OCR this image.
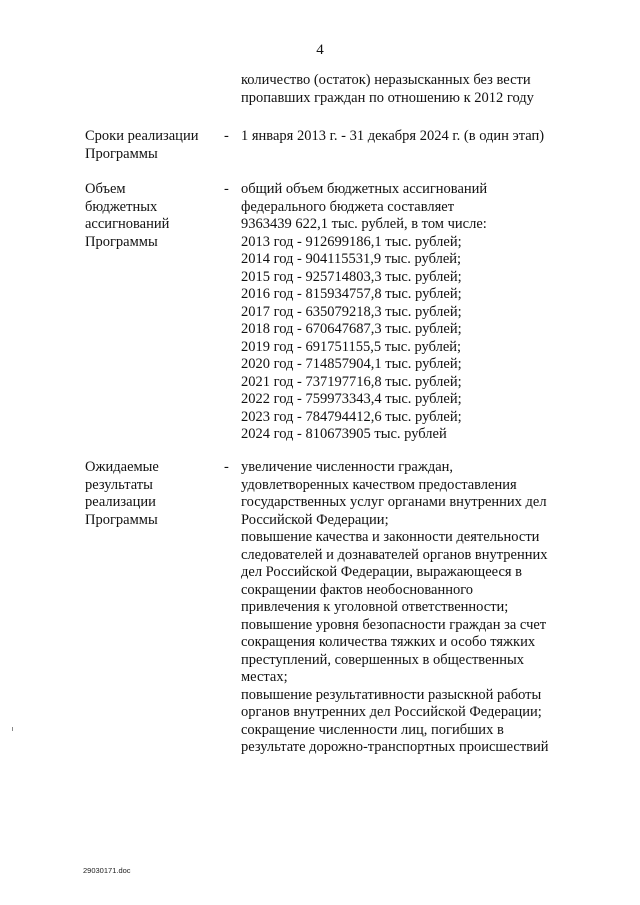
4
количество (остаток) неразысканных без вести
пропавших граждан по отношению к 2012 году
Сроки реализации
Программы
- 1 января 2013 г. - 31 декабря 2024 г. (в один этап)
Объем
бюджетных
ассигнований
Программы
- общий объем бюджетных ассигнований
федерального бюджета составляет
9363439 622,1 тыс. рублей, в том числе:
2013 год - 912699186,1 тыс. рублей;
2014 год - 904115531,9 тыс. рублей;
2015 год - 925714803,3 тыс. рублей;
2016 год - 815934757,8 тыс. рублей;
2017 год - 635079218,3 тыс. рублей;
2018 год - 670647687,3 тыс. рублей;
2019 год - 691751155,5 тыс. рублей;
2020 год - 714857904,1 тыс. рублей;
2021 год - 737197716,8 тыс. рублей;
2022 год - 759973343,4 тыс. рублей;
2023 год - 784794412,6 тыс. рублей;
2024 год - 810673905 тыс. рублей
Ожидаемые
результаты
реализации
Программы
- увеличение численности граждан,
удовлетворенных качеством предоставления
государственных услуг органами внутренних дел
Российской Федерации;
повышение качества и законности деятельности
следователей и дознавателей органов внутренних
дел Российской Федерации, выражающееся в
сокращении фактов необоснованного
привлечения к уголовной ответственности;
повышение уровня безопасности граждан за счет
сокращения количества тяжких и особо тяжких
преступлений, совершенных в общественных
местах;
повышение результативности разыскной работы
органов внутренних дел Российской Федерации;
сокращение численности лиц, погибших в
результате дорожно-транспортных происшествий
29030171.doc
